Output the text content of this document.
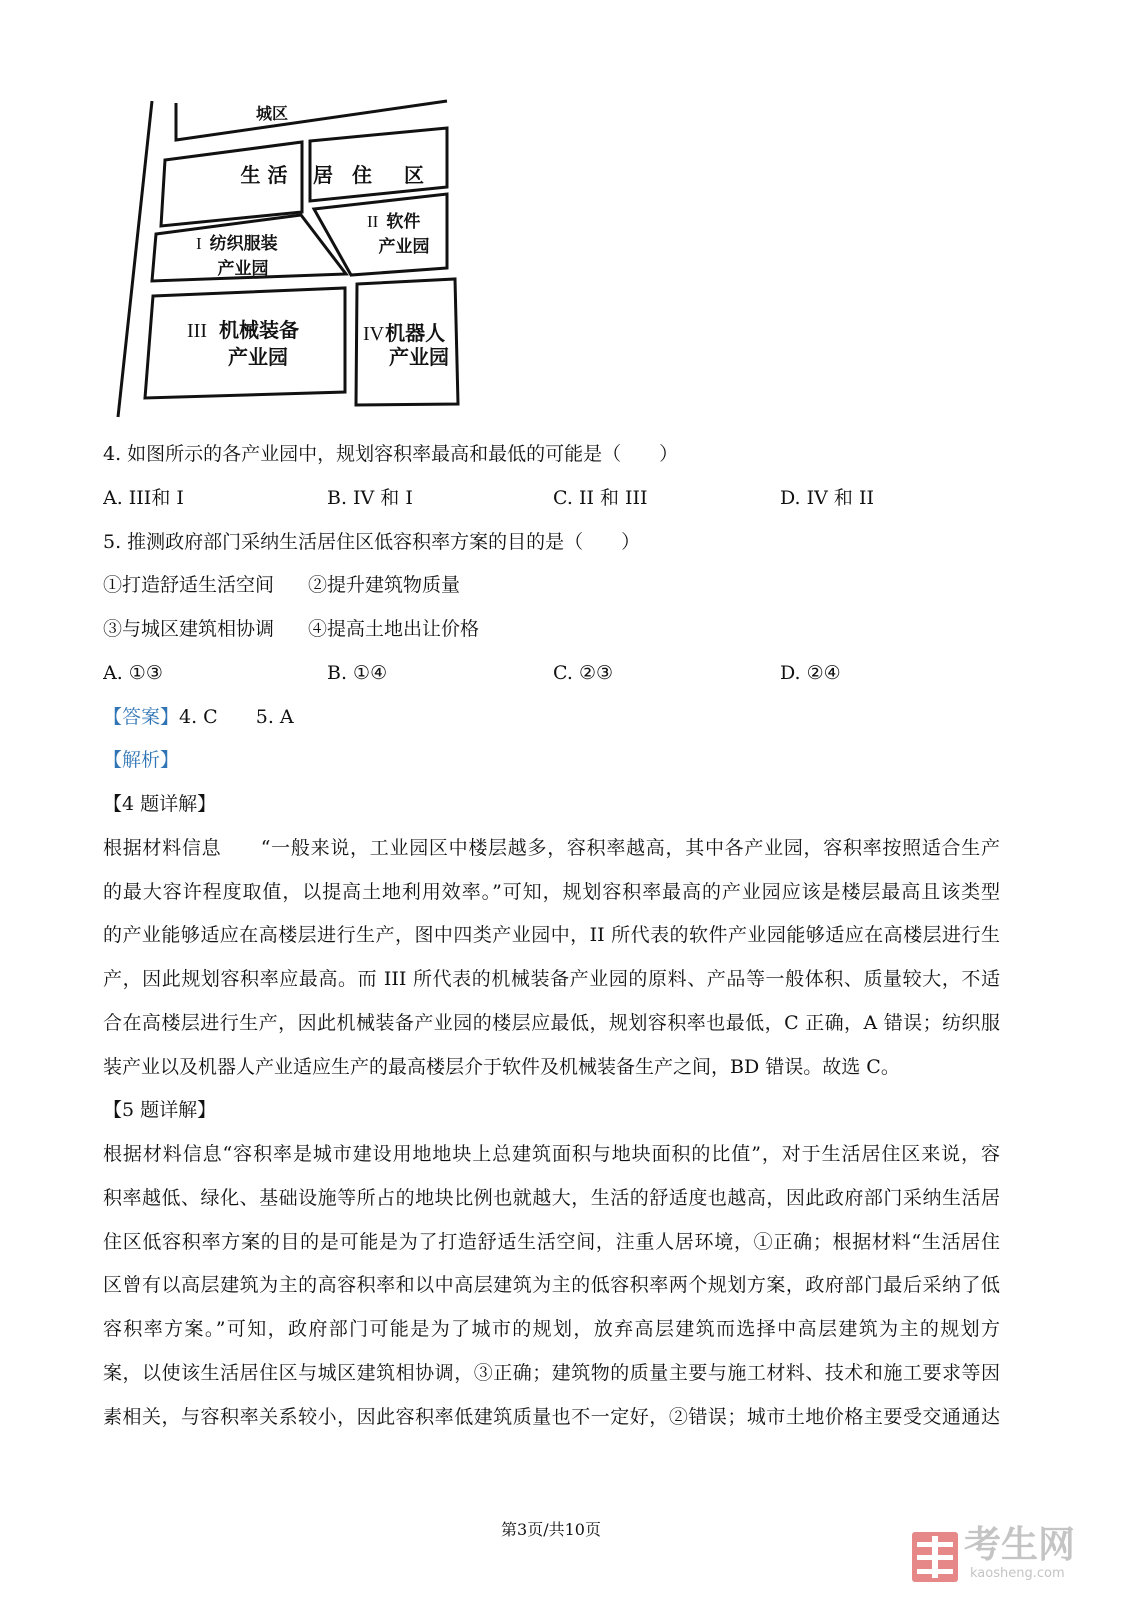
城区
生 活 居 住　区
I 纺织服装
产业园
II 软件
产业园
III 机械装备
产业园
IV机器人
产业园
4. 如图所示的各产业园中，规划容积率最高和最低的可能是（　　）
A. III和 I	B. IV 和 I	C. II 和 III	D. IV 和 II
5. 推测政府部门采纳生活居住区低容积率方案的目的是（　　）
①打造舒适生活空间 ②提升建筑物质量
③与城区建筑相协调 ④提高土地出让价格
A. ①③	B. ①④	C. ②③	D. ②④
【答案】4. C 5. A
【解析】
【4 题详解】
根据材料信息　　“一般来说，工业园区中楼层越多，容积率越高，其中各产业园，容积率按照适合生产
的最大容许程度取值，以提高土地利用效率。”可知，规划容积率最高的产业园应该是楼层最高且该类型
的产业能够适应在高楼层进行生产，图中四类产业园中，II 所代表的软件产业园能够适应在高楼层进行生
产，因此规划容积率应最高。而 III 所代表的机械装备产业园的原料、产品等一般体积、质量较大，不适
合在高楼层进行生产，因此机械装备产业园的楼层应最低，规划容积率也最低，C 正确，A 错误；纺织服
装产业以及机器人产业适应生产的最高楼层介于软件及机械装备生产之间，BD 错误。故选 C。
【5 题详解】
根据材料信息“容积率是城市建设用地地块上总建筑面积与地块面积的比值”，对于生活居住区来说，容
积率越低、绿化、基础设施等所占的地块比例也就越大，生活的舒适度也越高，因此政府部门采纳生活居
住区低容积率方案的目的是可能是为了打造舒适生活空间，注重人居环境，①正确；根据材料“生活居住
区曾有以高层建筑为主的高容积率和以中高层建筑为主的低容积率两个规划方案，政府部门最后采纳了低
容积率方案。”可知，政府部门可能是为了城市的规划，放弃高层建筑而选择中高层建筑为主的规划方
案，以使该生活居住区与城区建筑相协调，③正确；建筑物的质量主要与施工材料、技术和施工要求等因
素相关，与容积率关系较小，因此容积率低建筑质量也不一定好，②错误；城市土地价格主要受交通通达
第3页/共10页	考生网
kaosheng.com
